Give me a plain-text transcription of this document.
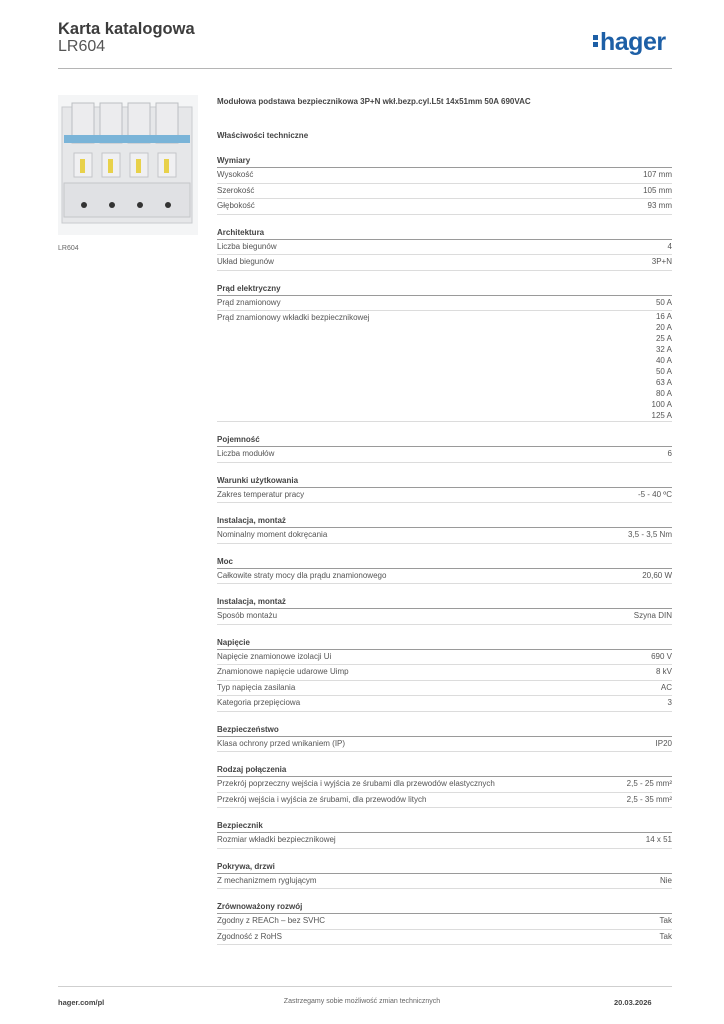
Karta katalogowa
LR604	hager
LR604
Modułowa podstawa bezpiecznikowa 3P+N wkł.bezp.cyl.L5t 14x51mm 50A 690VAC
Właściwości techniczne
Wymiary
Wysokość	107 mm
Szerokość	105 mm
Głębokość	93 mm
Architektura
Liczba biegunów	4
Układ biegunów	3P+N
Prąd elektryczny
Prąd znamionowy	50 A
Prąd znamionowy wkładki bezpiecznikowej	16 A
20 A
25 A
32 A
40 A
50 A
63 A
80 A
100 A
125 A
Pojemność
Liczba modułów	6
Warunki użytkowania
Zakres temperatur pracy	-5 - 40 ºC
Instalacja, montaż
Nominalny moment dokręcania	3,5 - 3,5 Nm
Moc
Całkowite straty mocy dla prądu znamionowego	20,60 W
Instalacja, montaż
Sposób montażu	Szyna DIN
Napięcie
Napięcie znamionowe izolacji Ui	690 V
Znamionowe napięcie udarowe Uimp	8 kV
Typ napięcia zasilania	AC
Kategoria przepięciowa	3
Bezpieczeństwo
Klasa ochrony przed wnikaniem (IP)	IP20
Rodzaj połączenia
Przekrój poprzeczny wejścia i wyjścia ze śrubami dla przewodów elastycznych	2,5 - 25 mm²
Przekrój wejścia i wyjścia ze śrubami, dla przewodów litych	2,5 - 35 mm²
Bezpiecznik
Rozmiar wkładki bezpiecznikowej	14 x 51
Pokrywa, drzwi
Z mechanizmem ryglującym	Nie
Zrównoważony rozwój
Zgodny z REACh – bez SVHC	Tak
Zgodność z RoHS	Tak
hager.com/pl	Zastrzegamy sobie możliwość zmian technicznych	20.03.2026
